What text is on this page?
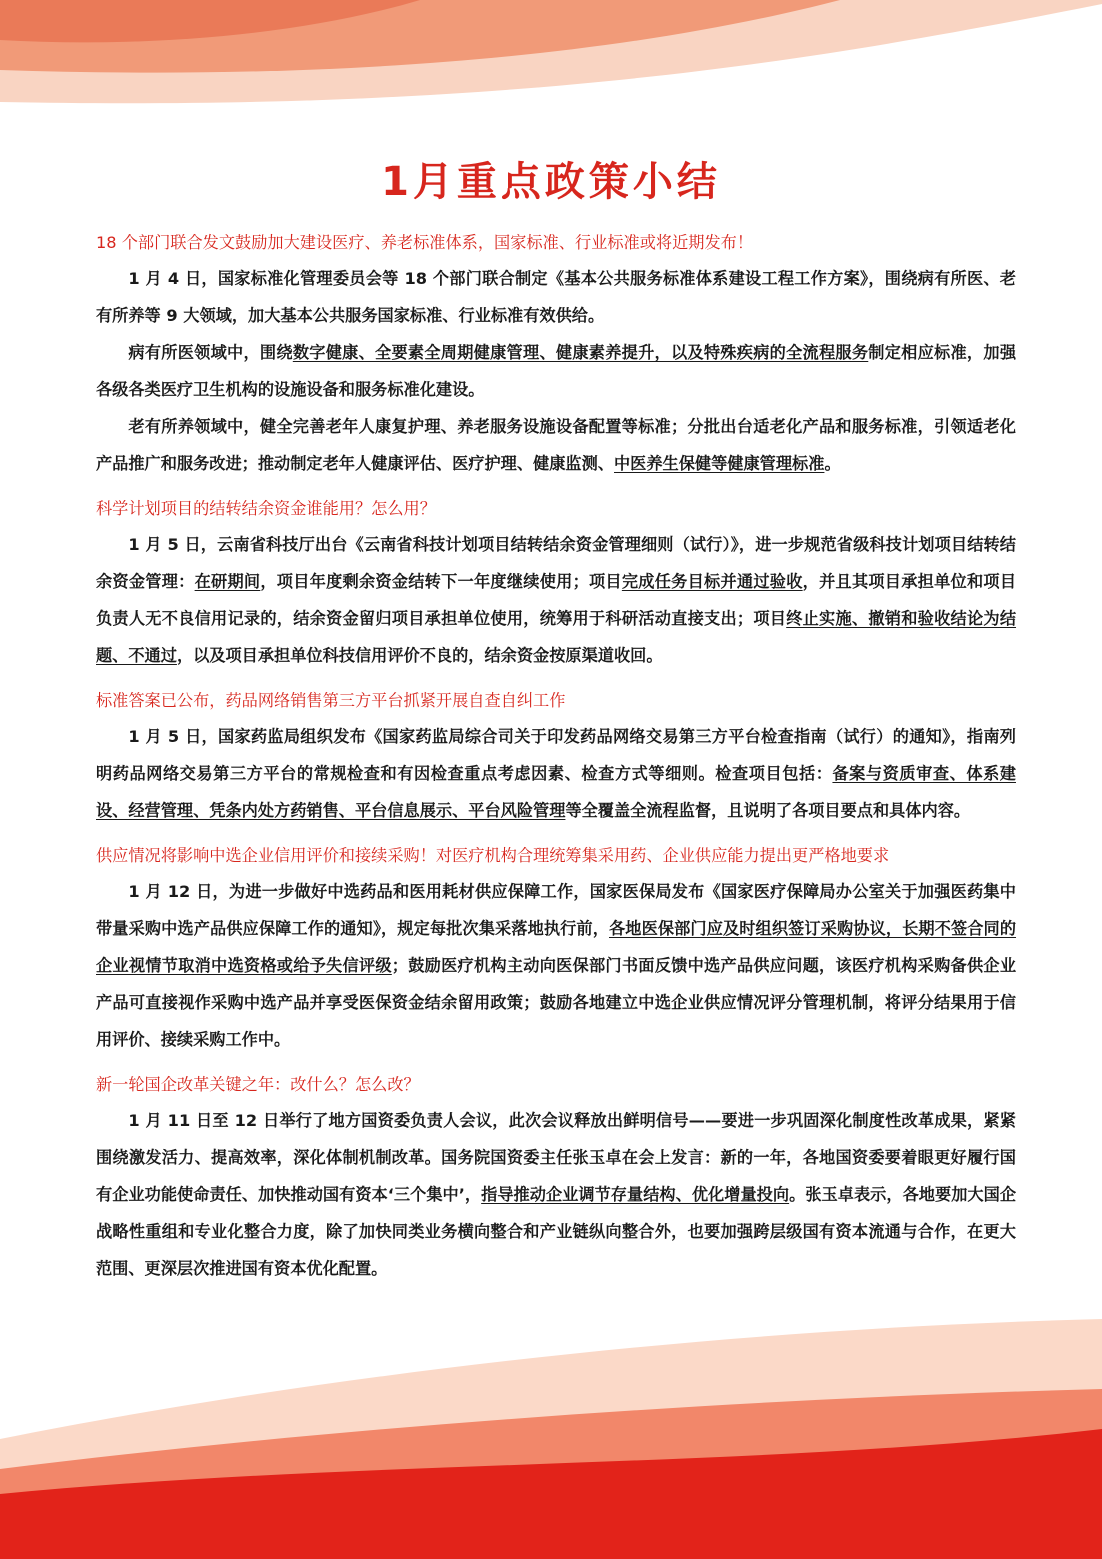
1月重点政策小结

18 个部门联合发文鼓励加大建设医疗、养老标准体系，国家标准、行业标准或将近期发布！

1 月 4 日，国家标准化管理委员会等 18 个部门联合制定《基本公共服务标准体系建设工程工作方案》，围绕病有所医、老有所养等 9 大领域，加大基本公共服务国家标准、行业标准有效供给。

病有所医领域中，围绕数字健康、全要素全周期健康管理、健康素养提升，以及特殊疾病的全流程服务制定相应标准，加强各级各类医疗卫生机构的设施设备和服务标准化建设。

老有所养领域中，健全完善老年人康复护理、养老服务设施设备配置等标准；分批出台适老化产品和服务标准，引领适老化产品推广和服务改进；推动制定老年人健康评估、医疗护理、健康监测、中医养生保健等健康管理标准。

科学计划项目的结转结余资金谁能用？怎么用？

1 月 5 日，云南省科技厅出台《云南省科技计划项目结转结余资金管理细则（试行）》，进一步规范省级科技计划项目结转结余资金管理：在研期间，项目年度剩余资金结转下一年度继续使用；项目完成任务目标并通过验收，并且其项目承担单位和项目负责人无不良信用记录的，结余资金留归项目承担单位使用，统筹用于科研活动直接支出；项目终止实施、撤销和验收结论为结题、不通过，以及项目承担单位科技信用评价不良的，结余资金按原渠道收回。

标准答案已公布，药品网络销售第三方平台抓紧开展自查自纠工作

1 月 5 日，国家药监局组织发布《国家药监局综合司关于印发药品网络交易第三方平台检查指南（试行）的通知》，指南列明药品网络交易第三方平台的常规检查和有因检查重点考虑因素、检查方式等细则。检查项目包括：备案与资质审查、体系建设、经营管理、凭条内处方药销售、平台信息展示、平台风险管理等全覆盖全流程监督，且说明了各项目要点和具体内容。

供应情况将影响中选企业信用评价和接续采购！对医疗机构合理统筹集采用药、企业供应能力提出更严格地要求

1 月 12 日，为进一步做好中选药品和医用耗材供应保障工作，国家医保局发布《国家医疗保障局办公室关于加强医药集中带量采购中选产品供应保障工作的通知》，规定每批次集采落地执行前，各地医保部门应及时组织签订采购协议，长期不签合同的企业视情节取消中选资格或给予失信评级；鼓励医疗机构主动向医保部门书面反馈中选产品供应问题，该医疗机构采购备供企业产品可直接视作采购中选产品并享受医保资金结余留用政策；鼓励各地建立中选企业供应情况评分管理机制，将评分结果用于信用评价、接续采购工作中。

新一轮国企改革关键之年：改什么？怎么改？

1 月 11 日至 12 日举行了地方国资委负责人会议，此次会议释放出鲜明信号——要进一步巩固深化制度性改革成果，紧紧围绕激发活力、提高效率，深化体制机制改革。国务院国资委主任张玉卓在会上发言：新的一年，各地国资委要着眼更好履行国有企业功能使命责任、加快推动国有资本‘三个集中’，指导推动企业调节存量结构、优化增量投向。张玉卓表示，各地要加大国企战略性重组和专业化整合力度，除了加快同类业务横向整合和产业链纵向整合外，也要加强跨层级国有资本流通与合作，在更大范围、更深层次推进国有资本优化配置。
